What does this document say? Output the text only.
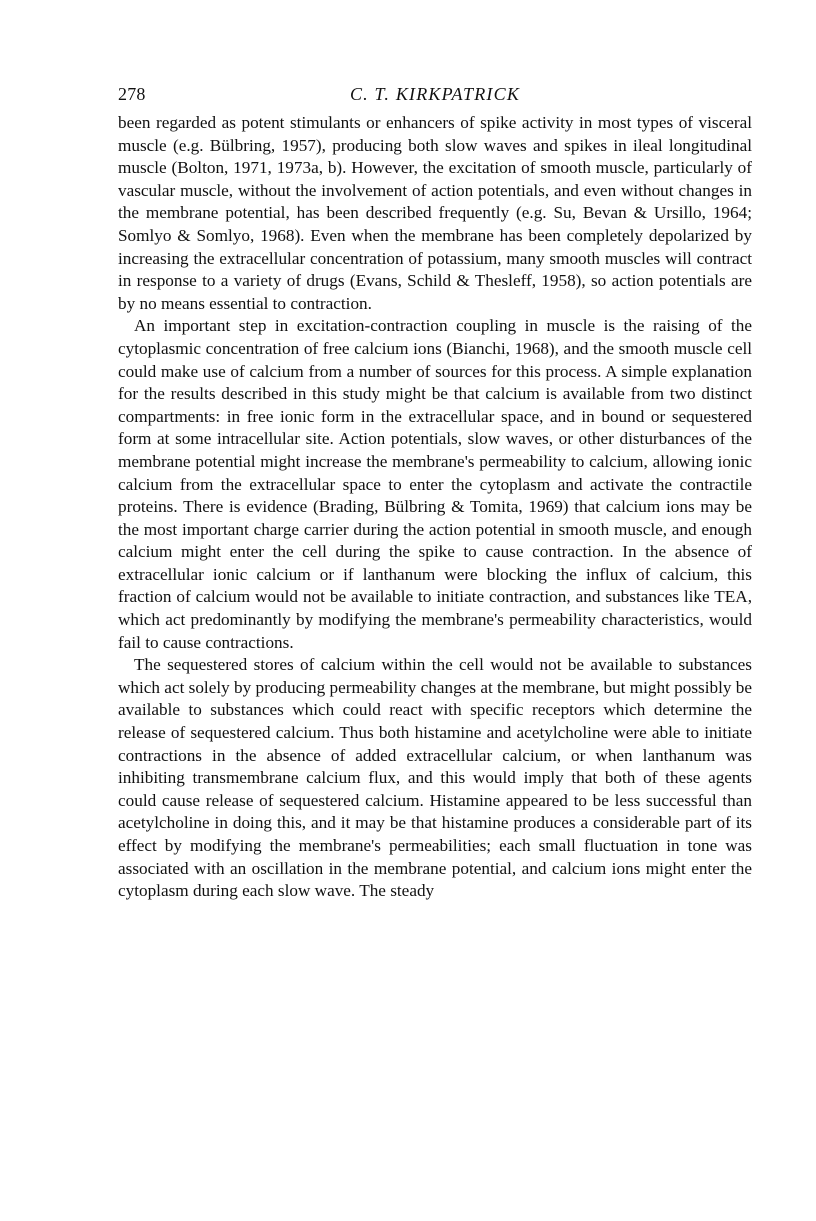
278	C. T. KIRKPATRICK

been regarded as potent stimulants or enhancers of spike activity in most types of visceral muscle (e.g. Bülbring, 1957), producing both slow waves and spikes in ileal longitudinal muscle (Bolton, 1971, 1973a, b). However, the excitation of smooth muscle, particularly of vascular muscle, without the involvement of action potentials, and even without changes in the membrane potential, has been described frequently (e.g. Su, Bevan & Ursillo, 1964; Somlyo & Somlyo, 1968). Even when the membrane has been completely depolarized by increasing the extracellular concentration of potassium, many smooth muscles will contract in response to a variety of drugs (Evans, Schild & Thesleff, 1958), so action potentials are by no means essential to contraction.

An important step in excitation-contraction coupling in muscle is the raising of the cytoplasmic concentration of free calcium ions (Bianchi, 1968), and the smooth muscle cell could make use of calcium from a number of sources for this process. A simple explanation for the results described in this study might be that calcium is available from two distinct compartments: in free ionic form in the extracellular space, and in bound or sequestered form at some intracellular site. Action potentials, slow waves, or other disturbances of the membrane potential might increase the membrane's permeability to calcium, allowing ionic calcium from the extracellular space to enter the cytoplasm and activate the contractile proteins. There is evidence (Brading, Bülbring & Tomita, 1969) that calcium ions may be the most important charge carrier during the action potential in smooth muscle, and enough calcium might enter the cell during the spike to cause contraction. In the absence of extracellular ionic calcium or if lanthanum were blocking the influx of calcium, this fraction of calcium would not be available to initiate contraction, and substances like TEA, which act predominantly by modifying the membrane's permeability characteristics, would fail to cause contractions.

The sequestered stores of calcium within the cell would not be available to substances which act solely by producing permeability changes at the membrane, but might possibly be available to substances which could react with specific receptors which determine the release of sequestered calcium. Thus both histamine and acetylcholine were able to initiate contractions in the absence of added extracellular calcium, or when lanthanum was inhibiting transmembrane calcium flux, and this would imply that both of these agents could cause release of sequestered calcium. Histamine appeared to be less successful than acetylcholine in doing this, and it may be that histamine produces a considerable part of its effect by modifying the membrane's permeabilities; each small fluctuation in tone was associated with an oscillation in the membrane potential, and calcium ions might enter the cytoplasm during each slow wave. The steady
